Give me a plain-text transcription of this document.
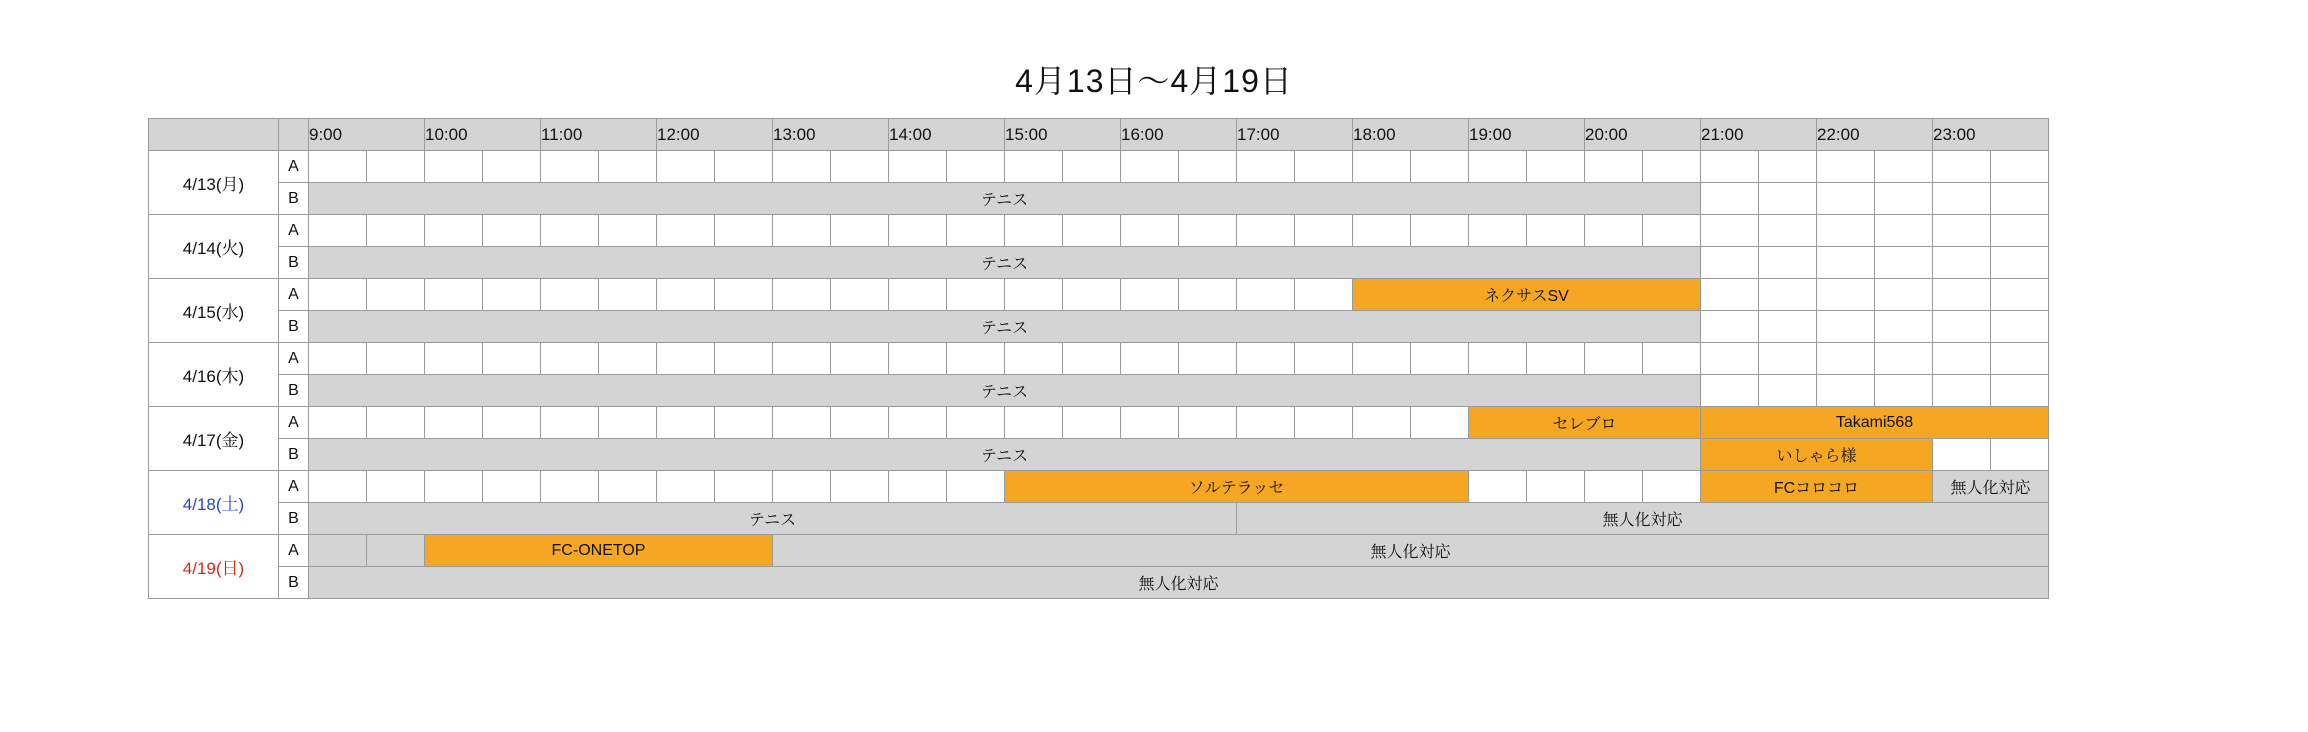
4月13日〜4月19日
		9:00		10:00		11:00		12:00		13:00		14:00		15:00		16:00		17:00		18:00		19:00		20:00		21:00		22:00		23:00	
4/13(月)	A																														
	B	テニス																													
4/14(火)	A																														
	B	テニス																													
4/15(水)	A																			ネクサスSV											
	B	テニス																													
4/16(木)	A																														
	B	テニス																													
4/17(金)	A																					セレブロ				Takami568					
	B	テニス																								いしゃら様					
4/18(土)	A													ソルテラッセ												FCコロコロ				無人化対応	
	B	テニス																無人化対応													
4/19(日)	A			FC-ONETOP						無人化対応																					
	B	無人化対応																													
